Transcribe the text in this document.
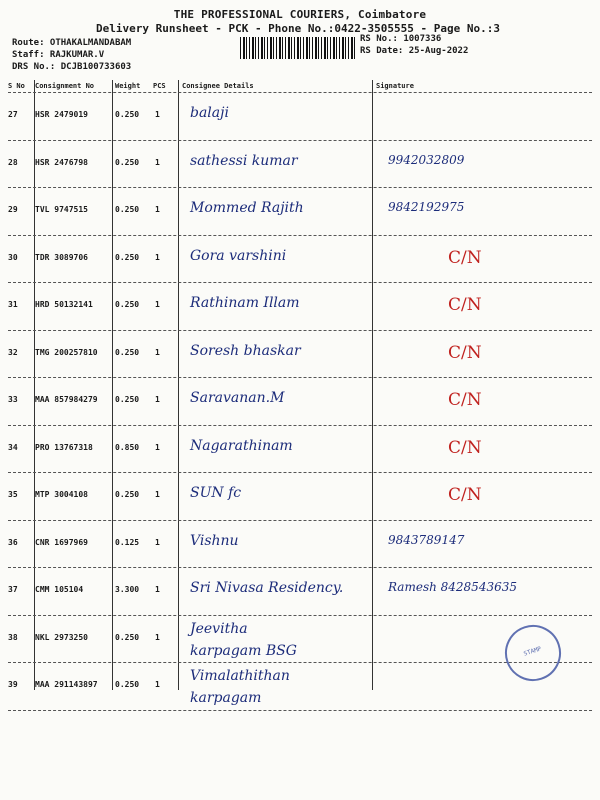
THE PROFESSIONAL COURIERS, Coimbatore
Delivery Runsheet - PCK - Phone No.:0422-3505555 - Page No.:3
Route: OTHAKALMANDABAM
Staff: RAJKUMAR.V
DRS No.: DCJB100733603
RS No.: 1007336
RS Date: 25-Aug-2022
S No Consignment No	Weight PCS Consignee Details	Signature
27 HSR 2479019	0.250 1 balaji
28 HSR 2476798	0.250 1 sathessi kumar	9942032809
29 TVL 9747515	0.250 1 Mommed Rajith	9842192975
30 TDR 3089706	0.250 1 Gora varshini	C/N
31 HRD 50132141	0.250 1 Rathinam Illam	C/N
32 TMG 200257810 0.250 1 Soresh bhaskar	C/N
33 MAA 857984279 0.250 1 Saravanan.M	C/N
34 PRO 13767318	0.850 1 Nagarathinam	C/N
35 MTP 3004108	0.250 1 SUN fc	C/N
36 CNR 1697969	0.125 1 Vishnu	9843789147
37 CMM 105104	3.300 1 Sri Nivasa Residency.	Ramesh 8428543635
38 NKL 2973250	0.250 1
Jeevitha
karpagam BSG
39 MAA 291143897 0.250 1
Vimalathithan
karpagam
STAMP
